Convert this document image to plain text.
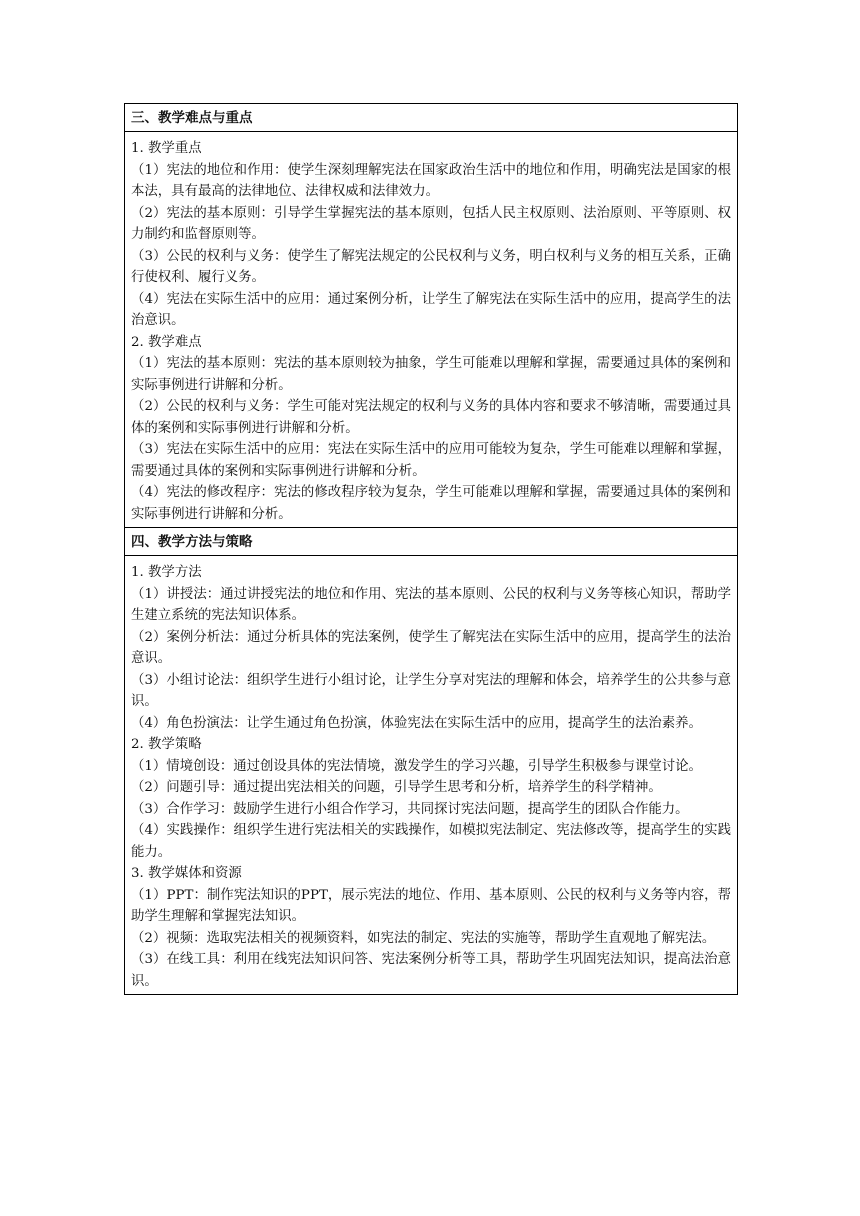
三、教学难点与重点

1. 教学重点

（1）宪法的地位和作用：使学生深刻理解宪法在国家政治生活中的地位和作用，明确宪法是国家的根本法，具有最高的法律地位、法律权威和法律效力。

（2）宪法的基本原则：引导学生掌握宪法的基本原则，包括人民主权原则、法治原则、平等原则、权力制约和监督原则等。

（3）公民的权利与义务：使学生了解宪法规定的公民权利与义务，明白权利与义务的相互关系，正确行使权利、履行义务。

（4）宪法在实际生活中的应用：通过案例分析，让学生了解宪法在实际生活中的应用，提高学生的法治意识。

2. 教学难点

（1）宪法的基本原则：宪法的基本原则较为抽象，学生可能难以理解和掌握，需要通过具体的案例和实际事例进行讲解和分析。

（2）公民的权利与义务：学生可能对宪法规定的权利与义务的具体内容和要求不够清晰，需要通过具体的案例和实际事例进行讲解和分析。

（3）宪法在实际生活中的应用：宪法在实际生活中的应用可能较为复杂，学生可能难以理解和掌握，需要通过具体的案例和实际事例进行讲解和分析。

（4）宪法的修改程序：宪法的修改程序较为复杂，学生可能难以理解和掌握，需要通过具体的案例和实际事例进行讲解和分析。

四、教学方法与策略

1. 教学方法

（1）讲授法：通过讲授宪法的地位和作用、宪法的基本原则、公民的权利与义务等核心知识，帮助学生建立系统的宪法知识体系。

（2）案例分析法：通过分析具体的宪法案例，使学生了解宪法在实际生活中的应用，提高学生的法治意识。

（3）小组讨论法：组织学生进行小组讨论，让学生分享对宪法的理解和体会，培养学生的公共参与意识。

（4）角色扮演法：让学生通过角色扮演，体验宪法在实际生活中的应用，提高学生的法治素养。

2. 教学策略

（1）情境创设：通过创设具体的宪法情境，激发学生的学习兴趣，引导学生积极参与课堂讨论。

（2）问题引导：通过提出宪法相关的问题，引导学生思考和分析，培养学生的科学精神。

（3）合作学习：鼓励学生进行小组合作学习，共同探讨宪法问题，提高学生的团队合作能力。

（4）实践操作：组织学生进行宪法相关的实践操作，如模拟宪法制定、宪法修改等，提高学生的实践能力。

3. 教学媒体和资源

（1）PPT：制作宪法知识的PPT，展示宪法的地位、作用、基本原则、公民的权利与义务等内容，帮助学生理解和掌握宪法知识。

（2）视频：选取宪法相关的视频资料，如宪法的制定、宪法的实施等，帮助学生直观地了解宪法。

（3）在线工具：利用在线宪法知识问答、宪法案例分析等工具，帮助学生巩固宪法知识，提高法治意识。
